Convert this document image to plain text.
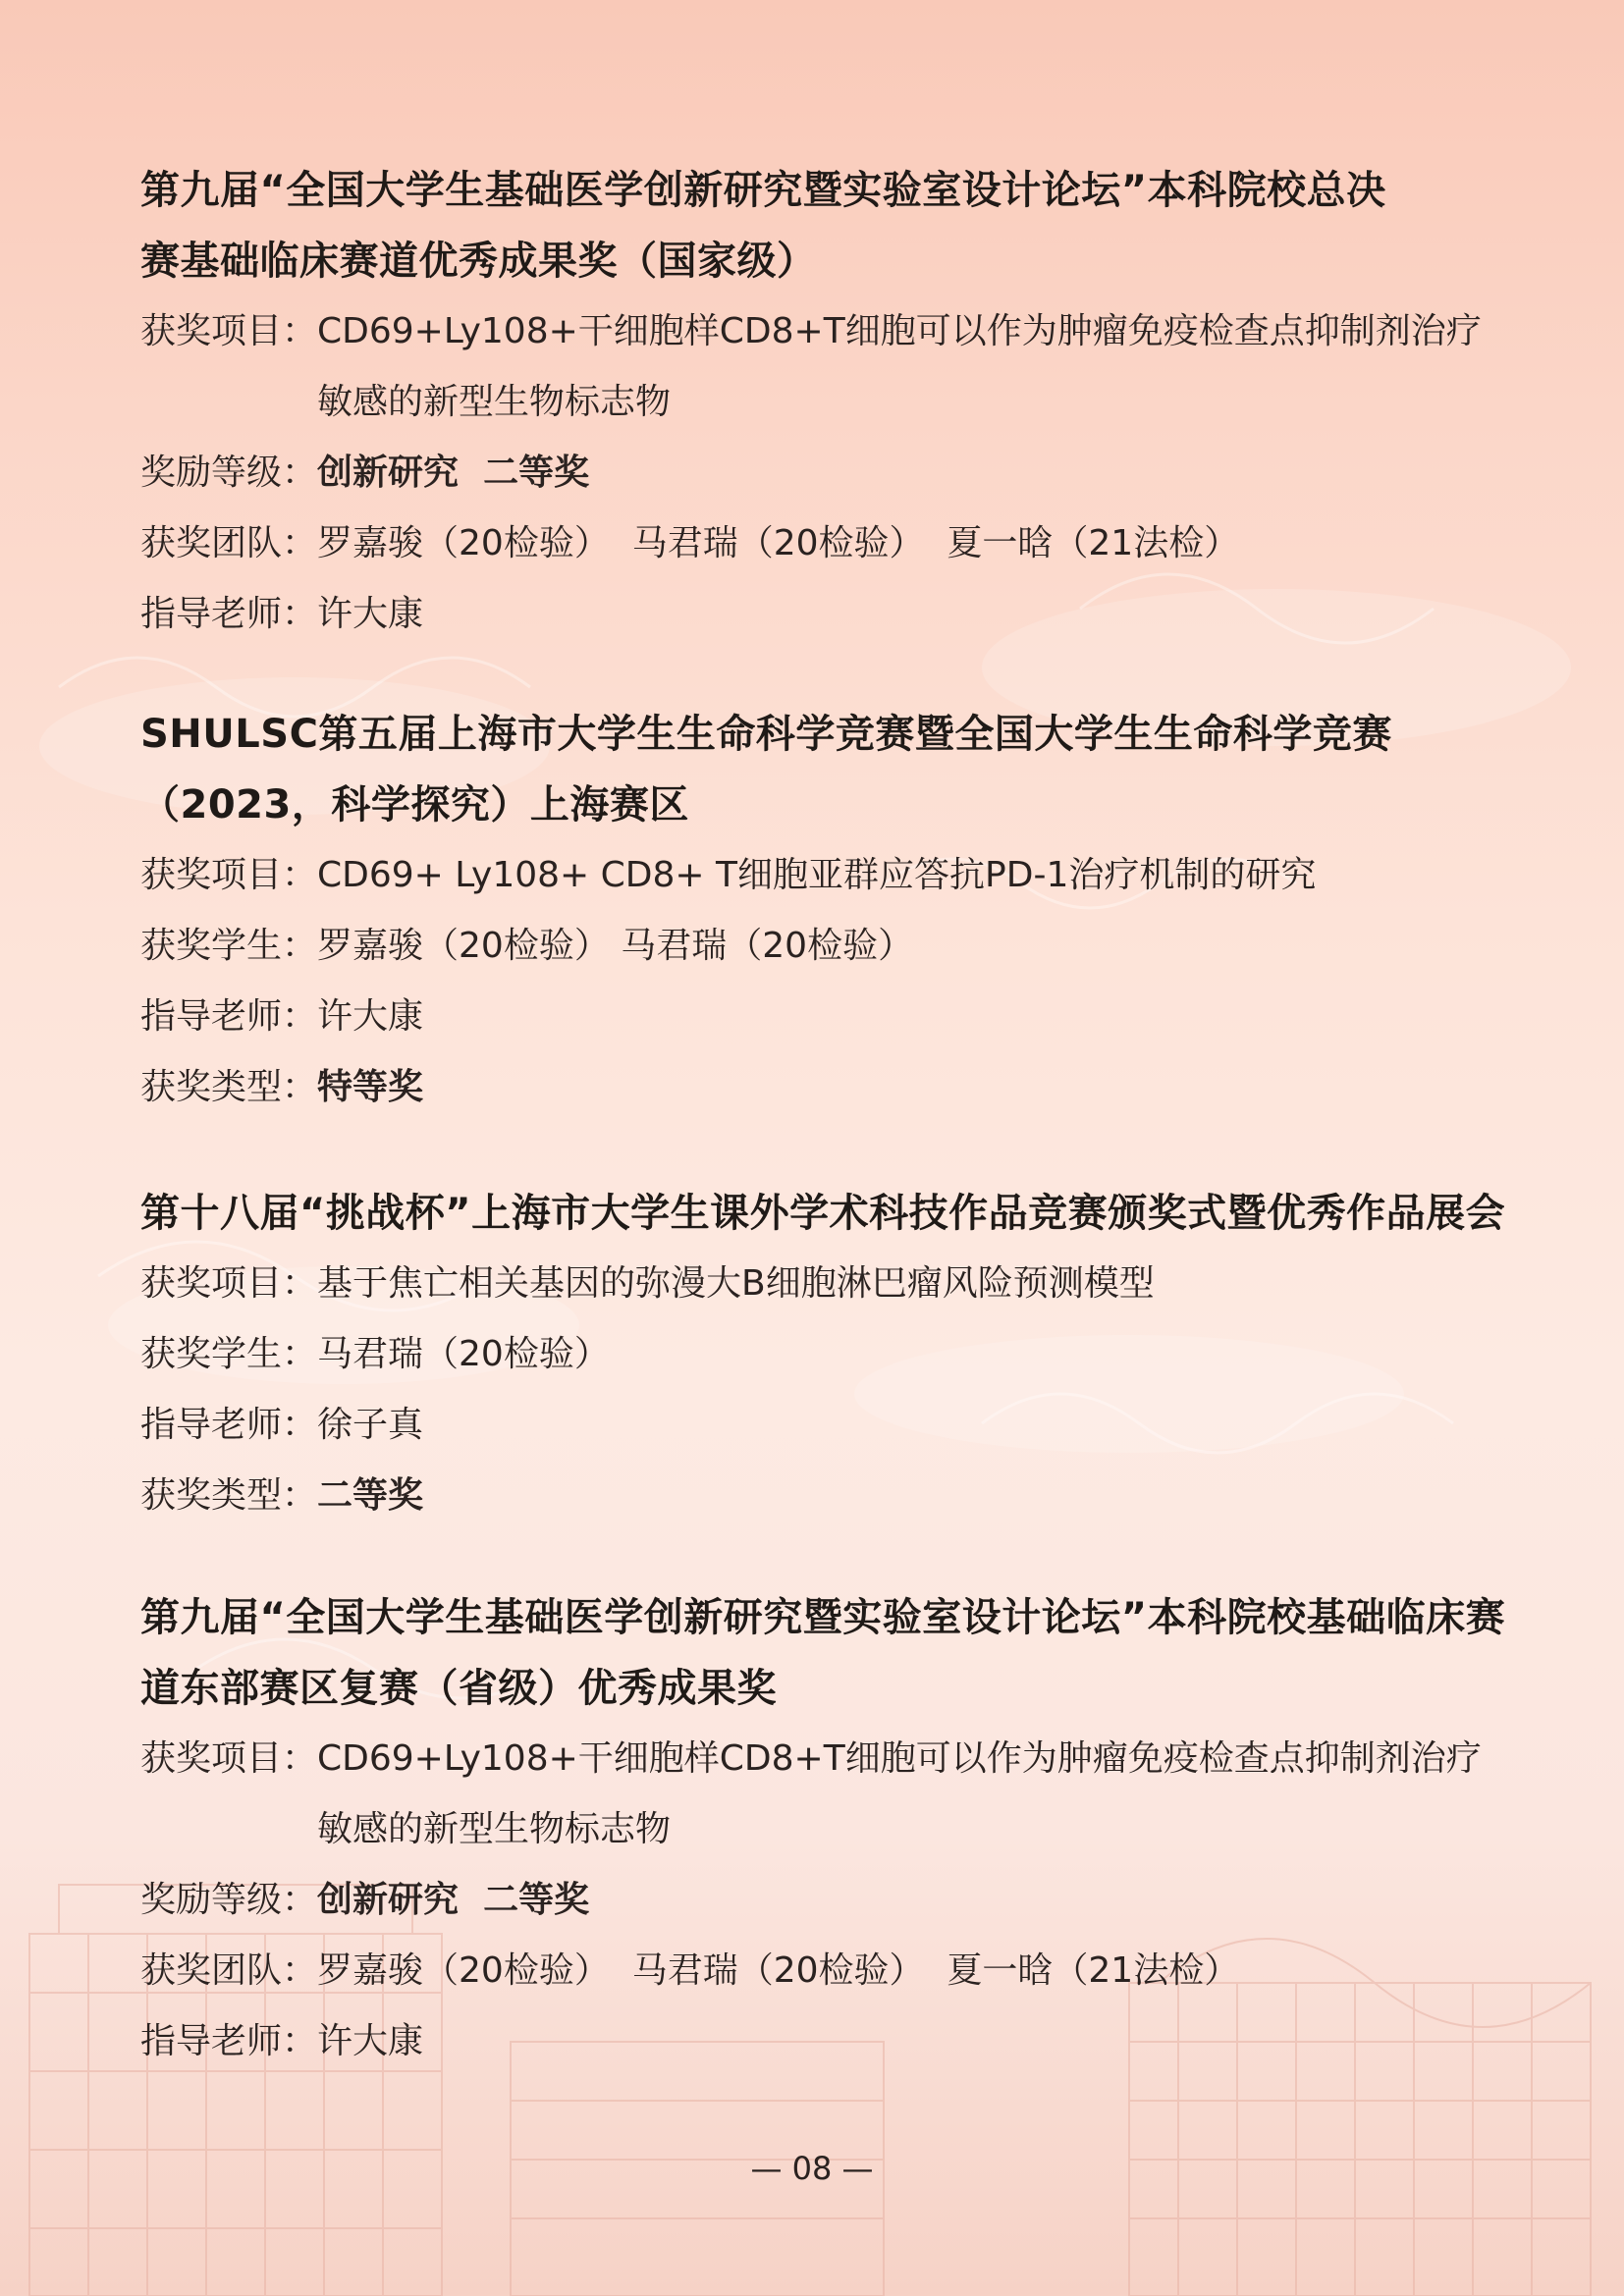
第九届“全国大学生基础医学创新研究暨实验室设计论坛”本科院校总决赛基础临床赛道优秀成果奖（国家级）

获奖项目： CD69+Ly108+干细胞样CD8+T细胞可以作为肿瘤免疫检查点抑制剂治疗敏感的新型生物标志物
奖励等级： 创新研究  二等奖
获奖团队： 罗嘉骏（20检验）  马君瑞（20检验）  夏一晗（21法检）
指导老师： 许大康

SHULSC第五届上海市大学生生命科学竞赛暨全国大学生生命科学竞赛（2023，科学探究）上海赛区

获奖项目： CD69+ Ly108+ CD8+ T细胞亚群应答抗PD-1治疗机制的研究
获奖学生： 罗嘉骏（20检验） 马君瑞（20检验）
指导老师： 许大康
获奖类型： 特等奖

第十八届“挑战杯”上海市大学生课外学术科技作品竞赛颁奖式暨优秀作品展会

获奖项目： 基于焦亡相关基因的弥漫大B细胞淋巴瘤风险预测模型
获奖学生： 马君瑞（20检验）
指导老师： 徐子真
获奖类型： 二等奖

第九届“全国大学生基础医学创新研究暨实验室设计论坛”本科院校基础临床赛道东部赛区复赛（省级）优秀成果奖

获奖项目： CD69+Ly108+干细胞样CD8+T细胞可以作为肿瘤免疫检查点抑制剂治疗敏感的新型生物标志物
奖励等级： 创新研究  二等奖
获奖团队： 罗嘉骏（20检验）  马君瑞（20检验）  夏一晗（21法检）
指导老师： 许大康
— 08 —
